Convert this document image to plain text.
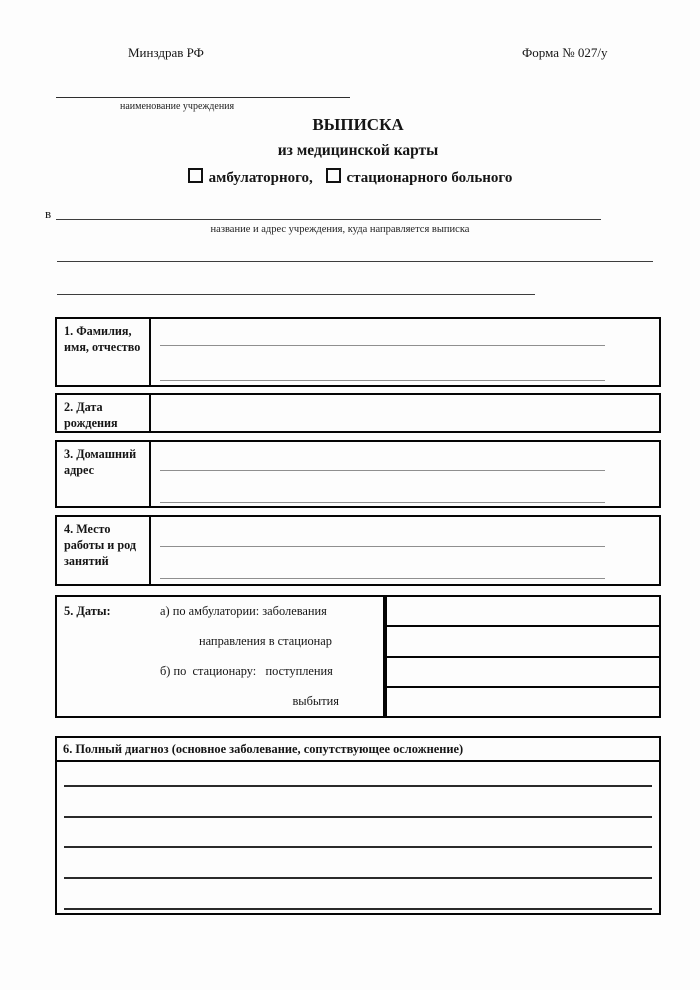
Минздрав РФ	Форма № 027/у
наименование учреждения
ВЫПИСКА
из медицинской карты
амбулаторного, стационарного больного
в
название и адрес учреждения, куда направляется выписка
1. Фамилия, имя, отчество
2. Дата рождения
3. Домашний адрес
4. Место работы и род занятий
5. Даты:	а) по амбулатории: заболевания
направления в стационар
б) по  стационару:   поступления
выбытия
6. Полный диагноз (основное заболевание, сопутствующее осложнение)
